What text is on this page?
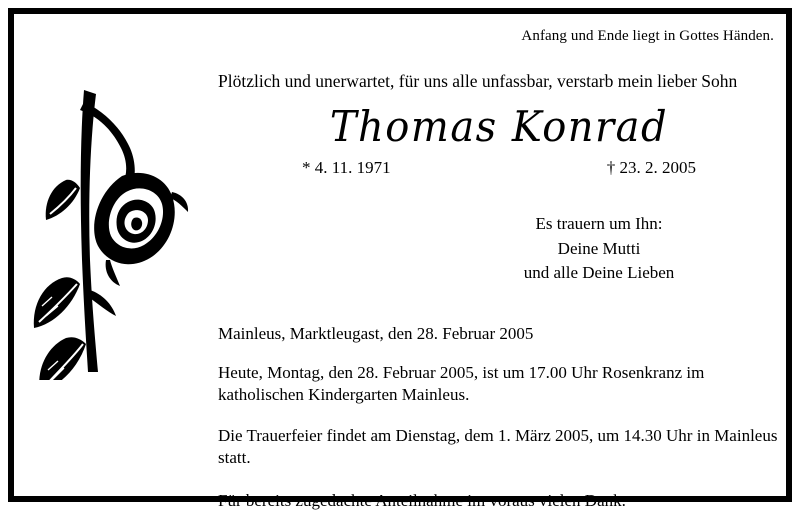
Anfang und Ende liegt in Gottes Händen.
Plötzlich und unerwartet, für uns alle unfassbar, verstarb mein lieber Sohn
Thomas Konrad
* 4. 11. 1971	† 23. 2. 2005
Es trauern um Ihn:
Deine Mutti
und alle Deine Lieben
Mainleus, Marktleugast, den 28. Februar 2005
Heute, Montag, den 28. Februar 2005, ist um 17.00 Uhr Rosenkranz im katholischen Kindergarten Mainleus.
Die Trauerfeier findet am Dienstag, dem 1. März 2005, um 14.30 Uhr in Mainleus statt.
Für bereits zugedachte Anteilnahme im voraus vielen Dank.
